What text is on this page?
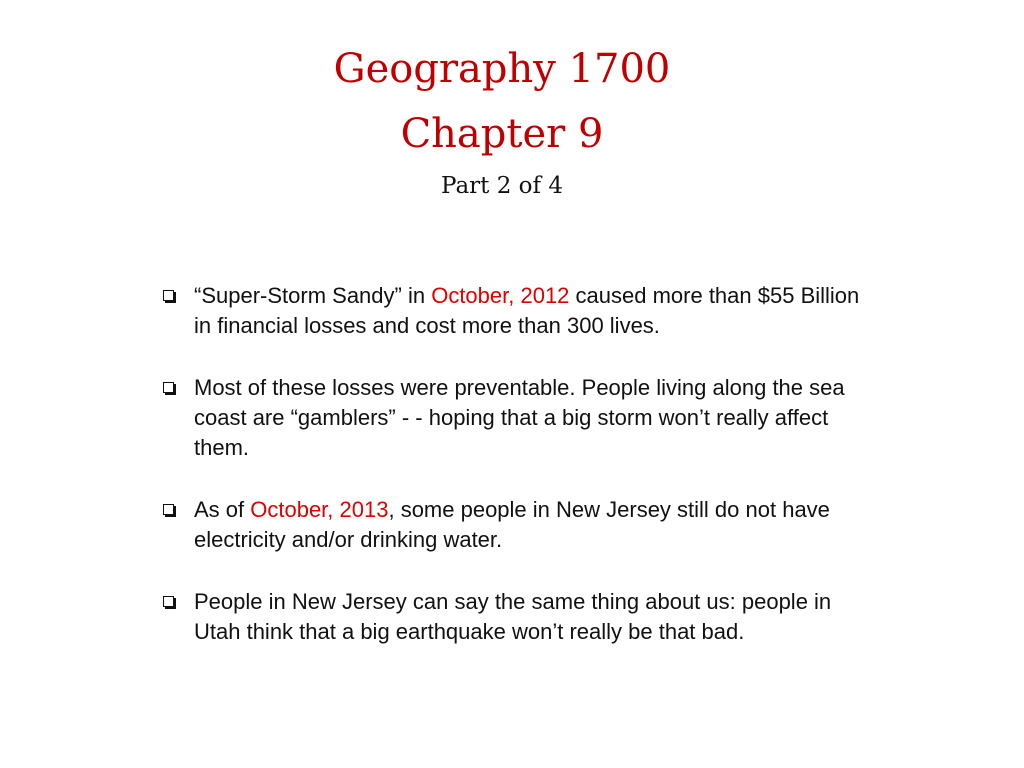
Geography 1700
Chapter 9

Part 2 of 4

“Super-Storm Sandy” in October, 2012 caused more than $55 Billion in financial losses and cost more than 300 lives.
Most of these losses were preventable. People living along the sea coast are “gamblers” - - hoping that a big storm won’t really affect them.
As of October, 2013, some people in New Jersey still do not have electricity and/or drinking water.
People in New Jersey can say the same thing about us: people in Utah think that a big earthquake won’t really be that bad.
